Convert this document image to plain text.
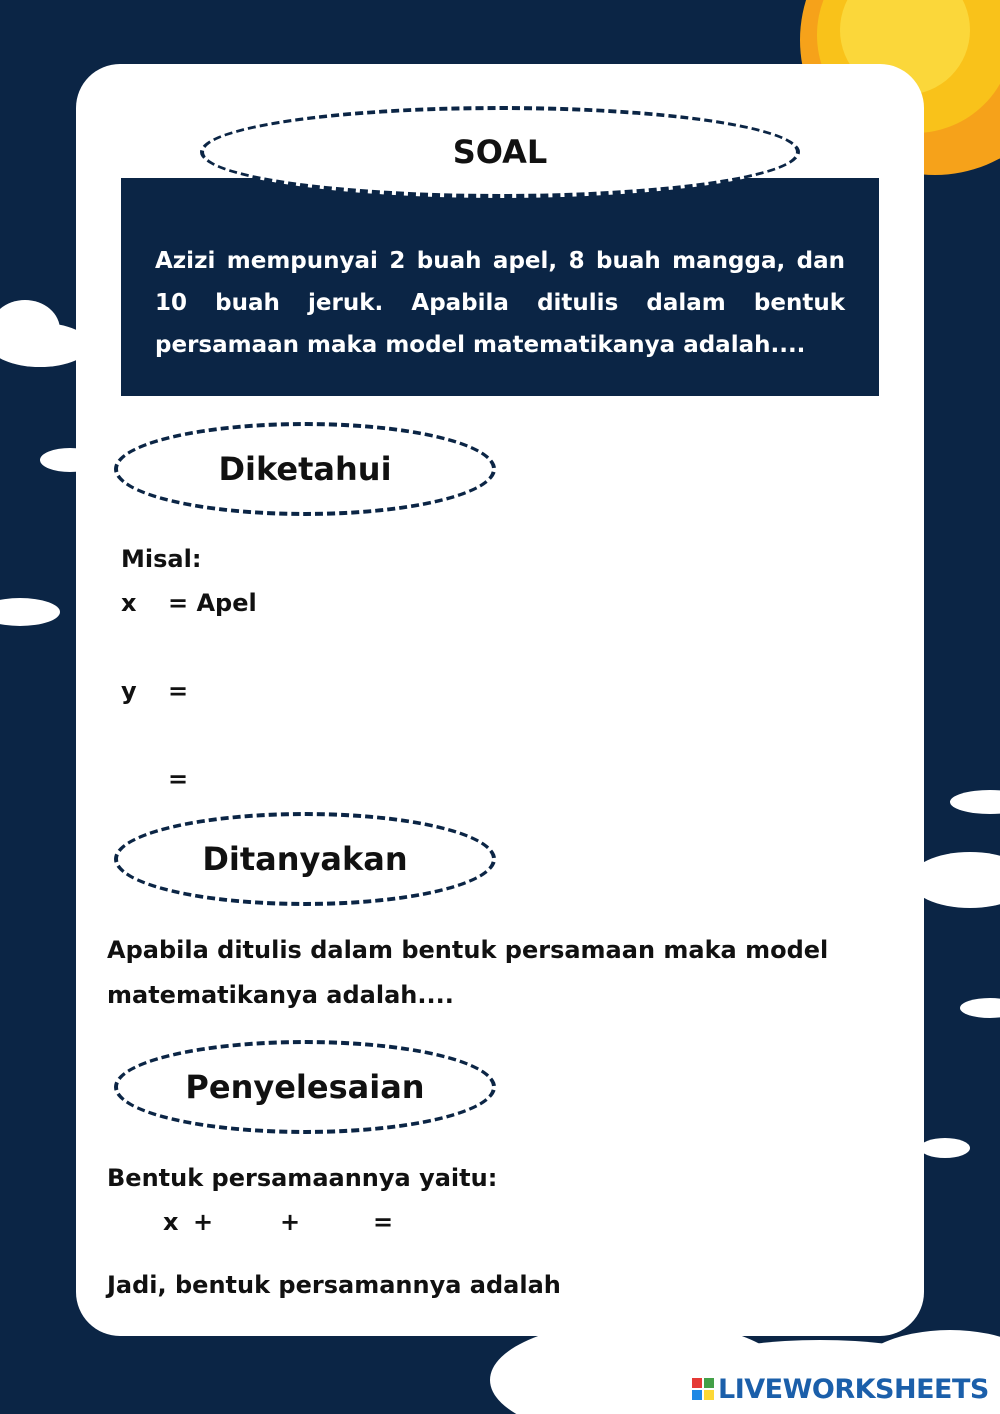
Azizi mempunyai 2 buah apel, 8 buah mangga, dan 10 buah jeruk. Apabila ditulis dalam bentuk persamaan maka model matematikanya adalah....
SOAL
Diketahui
Misal:
x = Apel
y =
=
Ditanyakan
Apabila ditulis dalam bentuk persamaan maka model matematikanya adalah....
Penyelesaian
Bentuk persamaannya yaitu:
x +	+	=
Jadi, bentuk persamannya adalah
LIVEWORKSHEETS
